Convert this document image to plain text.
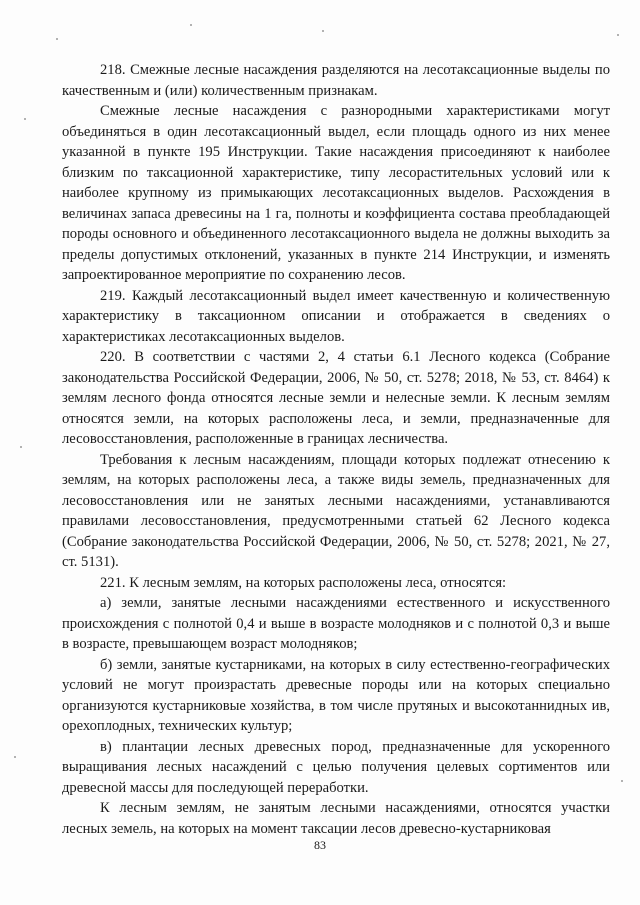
218. Смежные лесные насаждения разделяются на лесотаксационные выделы по качественным и (или) количественным признакам.

Смежные лесные насаждения с разнородными характеристиками могут объединяться в один лесотаксационный выдел, если площадь одного из них менее указанной в пункте 195 Инструкции. Такие насаждения присоединяют к наиболее близким по таксационной характеристике, типу лесорастительных условий или к наиболее крупному из примыкающих лесотаксационных выделов. Расхождения в величинах запаса древесины на 1 га, полноты и коэффициента состава преобладающей породы основного и объединенного лесотаксационного выдела не должны выходить за пределы допустимых отклонений, указанных в пункте 214 Инструкции, и изменять запроектированное мероприятие по сохранению лесов.

219. Каждый лесотаксационный выдел имеет качественную и количественную характеристику в таксационном описании и отображается в сведениях о характеристиках лесотаксационных выделов.

220. В соответствии с частями 2, 4 статьи 6.1 Лесного кодекса (Собрание законодательства Российской Федерации, 2006, № 50, ст. 5278; 2018, № 53, ст. 8464) к землям лесного фонда относятся лесные земли и нелесные земли. К лесным землям относятся земли, на которых расположены леса, и земли, предназначенные для лесовосстановления, расположенные в границах лесничества.

Требования к лесным насаждениям, площади которых подлежат отнесению к землям, на которых расположены леса, а также виды земель, предназначенных для лесовосстановления или не занятых лесными насаждениями, устанавливаются правилами лесовосстановления, предусмотренными статьей 62 Лесного кодекса (Собрание законодательства Российской Федерации, 2006, № 50, ст. 5278; 2021, № 27, ст. 5131).

221. К лесным землям, на которых расположены леса, относятся:

а) земли, занятые лесными насаждениями естественного и искусственного происхождения с полнотой 0,4 и выше в возрасте молодняков и с полнотой 0,3 и выше в возрасте, превышающем возраст молодняков;

б) земли, занятые кустарниками, на которых в силу естественно-географических условий не могут произрастать древесные породы или на которых специально организуются кустарниковые хозяйства, в том числе прутяных и высокотаннидных ив, орехоплодных, технических культур;

в) плантации лесных древесных пород, предназначенные для ускоренного выращивания лесных насаждений с целью получения целевых сортиментов или древесной массы для последующей переработки.

К лесным землям, не занятым лесными насаждениями, относятся участки лесных земель, на которых на момент таксации лесов древесно-кустарниковая

83
